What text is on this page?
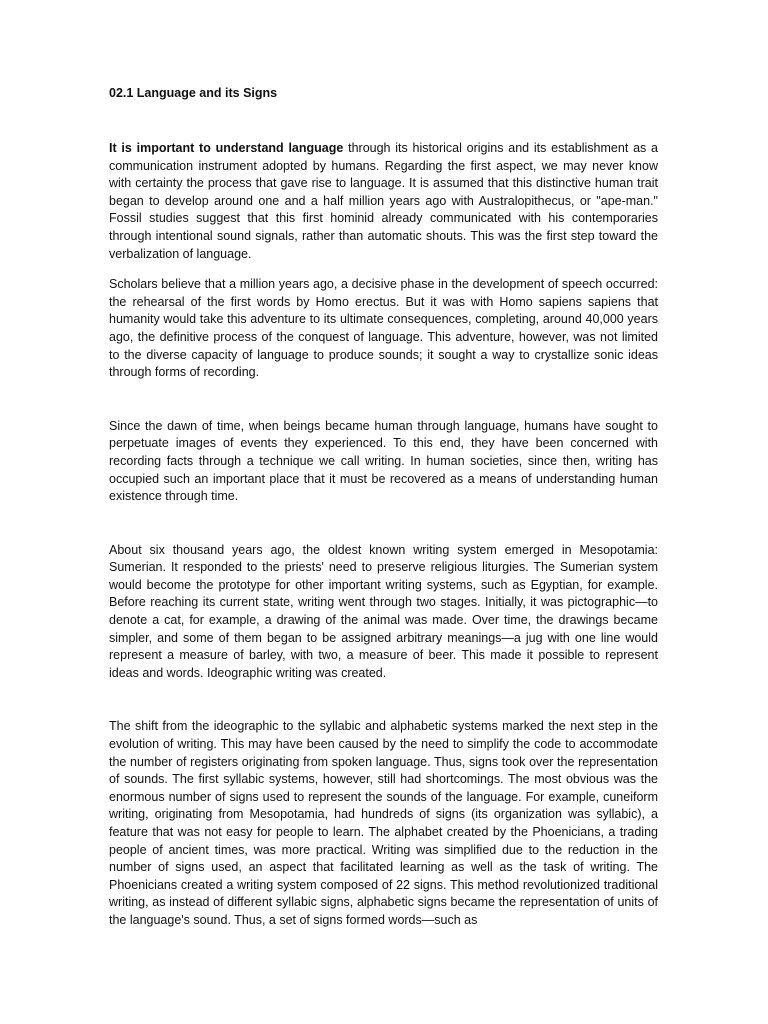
02.1 Language and its Signs

It is important to understand language through its historical origins and its establishment as a communication instrument adopted by humans. Regarding the first aspect, we may never know with certainty the process that gave rise to language. It is assumed that this distinctive human trait began to develop around one and a half million years ago with Australopithecus, or "ape-man." Fossil studies suggest that this first hominid already communicated with his contemporaries through intentional sound signals, rather than automatic shouts. This was the first step toward the verbalization of language.

Scholars believe that a million years ago, a decisive phase in the development of speech occurred: the rehearsal of the first words by Homo erectus. But it was with Homo sapiens sapiens that humanity would take this adventure to its ultimate consequences, completing, around 40,000 years ago, the definitive process of the conquest of language. This adventure, however, was not limited to the diverse capacity of language to produce sounds; it sought a way to crystallize sonic ideas through forms of recording.

Since the dawn of time, when beings became human through language, humans have sought to perpetuate images of events they experienced. To this end, they have been concerned with recording facts through a technique we call writing. In human societies, since then, writing has occupied such an important place that it must be recovered as a means of understanding human existence through time.

About six thousand years ago, the oldest known writing system emerged in Mesopotamia: Sumerian. It responded to the priests' need to preserve religious liturgies. The Sumerian system would become the prototype for other important writing systems, such as Egyptian, for example. Before reaching its current state, writing went through two stages. Initially, it was pictographic—to denote a cat, for example, a drawing of the animal was made. Over time, the drawings became simpler, and some of them began to be assigned arbitrary meanings—a jug with one line would represent a measure of barley, with two, a measure of beer. This made it possible to represent ideas and words. Ideographic writing was created.

The shift from the ideographic to the syllabic and alphabetic systems marked the next step in the evolution of writing. This may have been caused by the need to simplify the code to accommodate the number of registers originating from spoken language. Thus, signs took over the representation of sounds. The first syllabic systems, however, still had shortcomings. The most obvious was the enormous number of signs used to represent the sounds of the language. For example, cuneiform writing, originating from Mesopotamia, had hundreds of signs (its organization was syllabic), a feature that was not easy for people to learn. The alphabet created by the Phoenicians, a trading people of ancient times, was more practical. Writing was simplified due to the reduction in the number of signs used, an aspect that facilitated learning as well as the task of writing. The Phoenicians created a writing system composed of 22 signs. This method revolutionized traditional writing, as instead of different syllabic signs, alphabetic signs became the representation of units of the language's sound. Thus, a set of signs formed words—such as
